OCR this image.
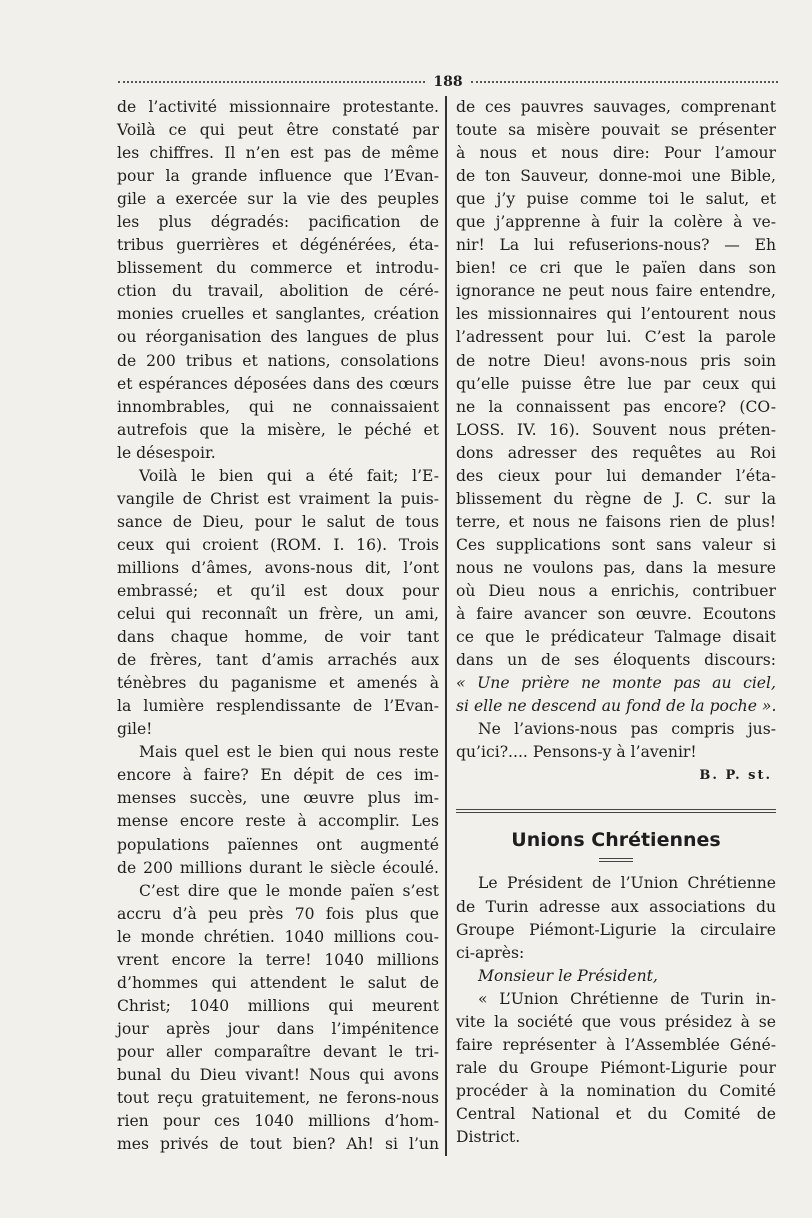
188

de l’activité missionnaire protestante.
Voilà ce qui peut être constaté par
les chiffres. Il n’en est pas de même
pour la grande influence que l’Evan-
gile a exercée sur la vie des peuples
les plus dégradés: pacification de
tribus guerrières et dégénérées, éta-
blissement du commerce et introdu-
ction du travail, abolition de céré-
monies cruelles et sanglantes, création
ou réorganisation des langues de plus
de 200 tribus et nations, consolations
et espérances déposées dans des cœurs
innombrables, qui ne connaissaient
autrefois que la misère, le péché et
le désespoir.

Voilà le bien qui a été fait; l’E-
vangile de Christ est vraiment la puis-
sance de Dieu, pour le salut de tous
ceux qui croient (ROM. I. 16). Trois
millions d’âmes, avons-nous dit, l’ont
embrassé; et qu’il est doux pour
celui qui reconnaît un frère, un ami,
dans chaque homme, de voir tant
de frères, tant d’amis arrachés aux
ténèbres du paganisme et amenés à
la lumière resplendissante de l’Evan-
gile!

Mais quel est le bien qui nous reste
encore à faire? En dépit de ces im-
menses succès, une œuvre plus im-
mense encore reste à accomplir. Les
populations païennes ont augmenté
de 200 millions durant le siècle écoulé.

C’est dire que le monde païen s’est
accru d’à peu près 70 fois plus que
le monde chrétien. 1040 millions cou-
vrent encore la terre! 1040 millions
d’hommes qui attendent le salut de
Christ; 1040 millions qui meurent
jour après jour dans l’impénitence
pour aller comparaître devant le tri-
bunal du Dieu vivant! Nous qui avons
tout reçu gratuitement, ne ferons-nous
rien pour ces 1040 millions d’hom-
mes privés de tout bien? Ah! si l’un

de ces pauvres sauvages, comprenant
toute sa misère pouvait se présenter
à nous et nous dire: Pour l’amour
de ton Sauveur, donne-moi une Bible,
que j’y puise comme toi le salut, et
que j’apprenne à fuir la colère à ve-
nir! La lui refuserions-nous? — Eh
bien! ce cri que le païen dans son
ignorance ne peut nous faire entendre,
les missionnaires qui l’entourent nous
l’adressent pour lui. C’est la parole
de notre Dieu! avons-nous pris soin
qu’elle puisse être lue par ceux qui
ne la connaissent pas encore? (CO-
LOSS. IV. 16). Souvent nous préten-
dons adresser des requêtes au Roi
des cieux pour lui demander l’éta-
blissement du règne de J. C. sur la
terre, et nous ne faisons rien de plus!
Ces supplications sont sans valeur si
nous ne voulons pas, dans la mesure
où Dieu nous a enrichis, contribuer
à faire avancer son œuvre. Ecoutons
ce que le prédicateur Talmage disait
dans un de ses éloquents discours:
« Une prière ne monte pas au ciel,
si elle ne descend au fond de la poche ».

Ne l’avions-nous pas compris jus-
qu’ici?.... Pensons-y à l’avenir!

B. P. st.
Unions Chrétiennes

Le Président de l’Union Chrétienne
de Turin adresse aux associations du
Groupe Piémont-Ligurie la circulaire
ci-après:

Monsieur le Président,

« L’Union Chrétienne de Turin in-
vite la société que vous présidez à se
faire représenter à l’Assemblée Géné-
rale du Groupe Piémont-Ligurie pour
procéder à la nomination du Comité
Central National et du Comité de
District.
